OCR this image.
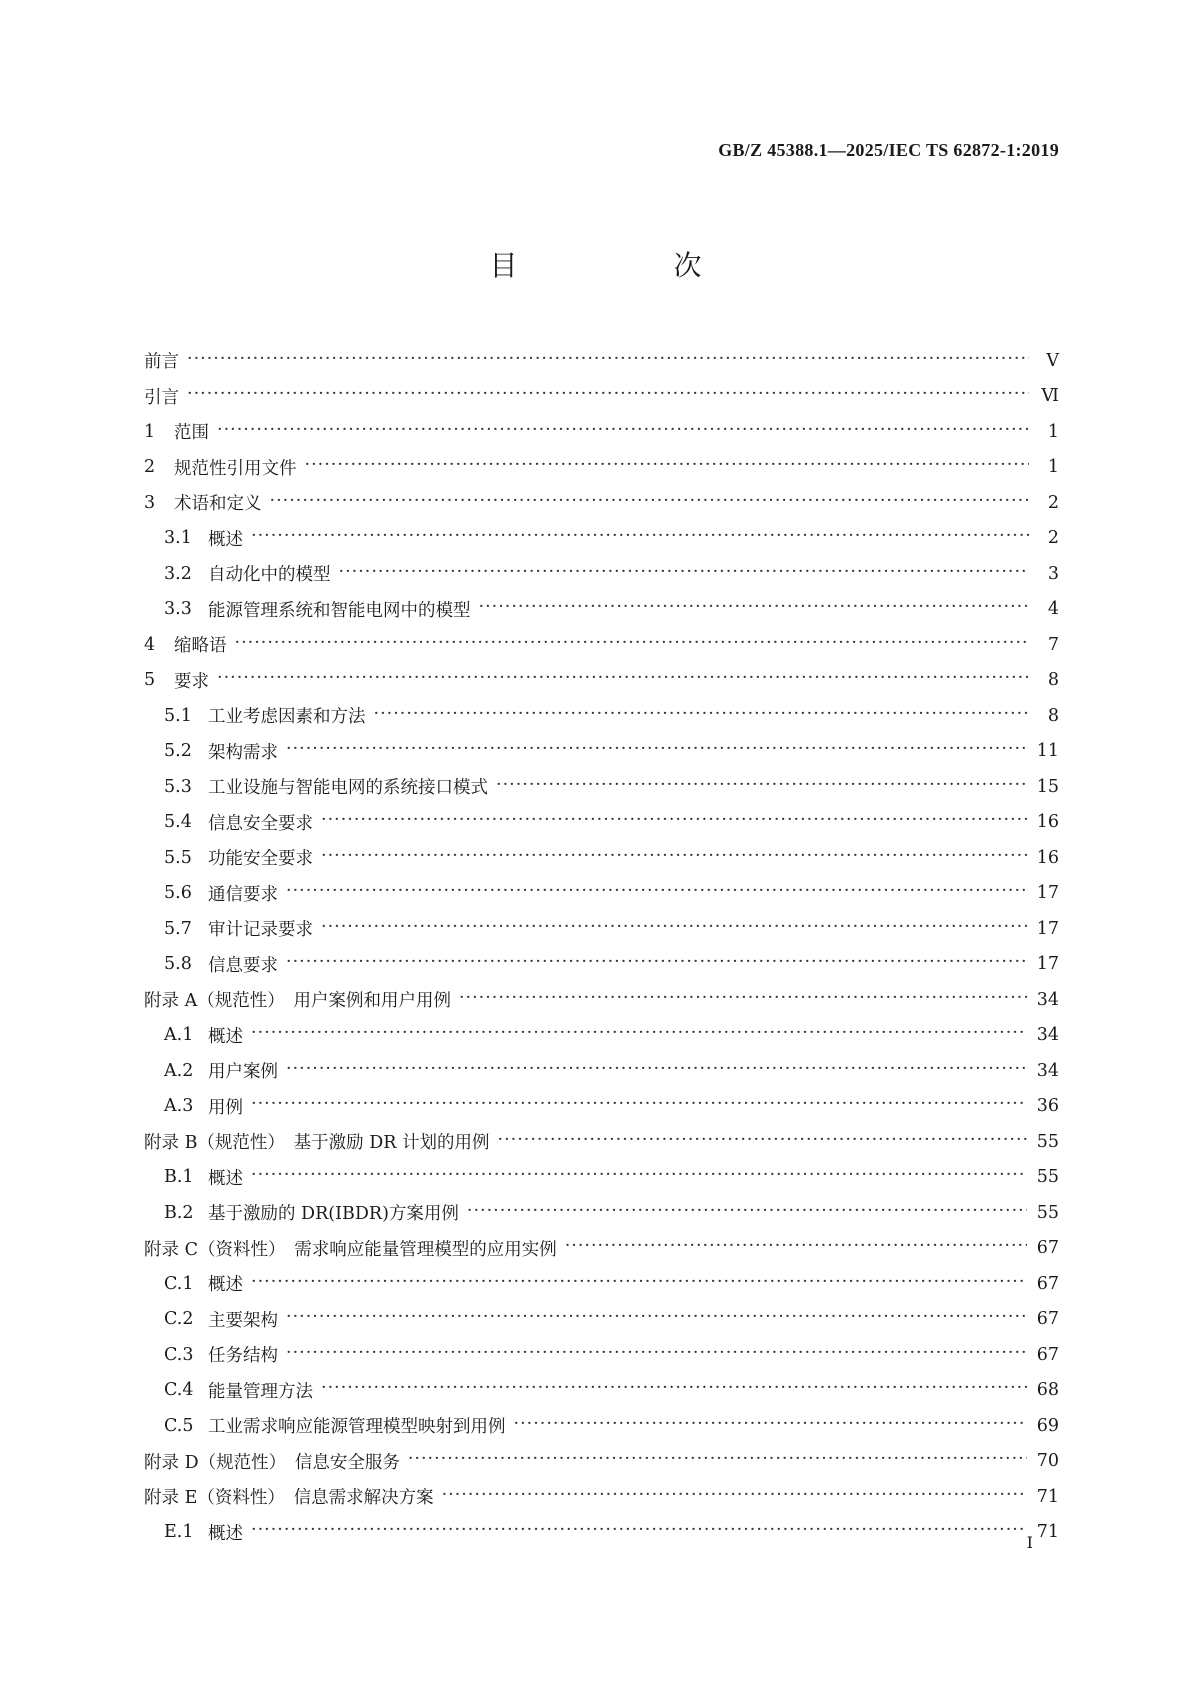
GB/Z 45388.1—2025/IEC TS 62872-1:2019
目　次
前言 ·····	Ⅴ
引言 ·····	Ⅵ
1	范围 ·····	1
2	规范性引用文件 ·····	1
3	术语和定义 ·····	2
3.1 概述 ·····	2
3.2 自动化中的模型 ·····	3
3.3 能源管理系统和智能电网中的模型 ·····	4
4	缩略语 ·····	7
5	要求 ·····	8
5.1 工业考虑因素和方法 ·····	8
5.2 架构需求 ·····	11
5.3 工业设施与智能电网的系统接口模式 ·····	15
5.4 信息安全要求 ·····	16
5.5 功能安全要求 ·····	16
5.6 通信要求 ·····	17
5.7 审计记录要求 ·····	17
5.8 信息要求 ·····	17
附录 A（规范性）　用户案例和用户用例 ·····	34
A.1 概述 ·····	34
A.2 用户案例 ·····	34
A.3 用例 ·····	36
附录 B（规范性）　基于激励 DR 计划的用例 ·····	55
B.1 概述 ·····	55
B.2 基于激励的 DR(IBDR)方案用例 ·····	55
附录 C（资料性）　需求响应能量管理模型的应用实例 ·····	67
C.1 概述 ·····	67
C.2 主要架构 ·····	67
C.3 任务结构 ·····	67
C.4 能量管理方法 ·····	68
C.5 工业需求响应能源管理模型映射到用例 ·····	69
附录 D（规范性）　信息安全服务 ·····	70
附录 E（资料性）　信息需求解决方案 ·····	71
E.1 概述 ·····	71
Ⅰ
